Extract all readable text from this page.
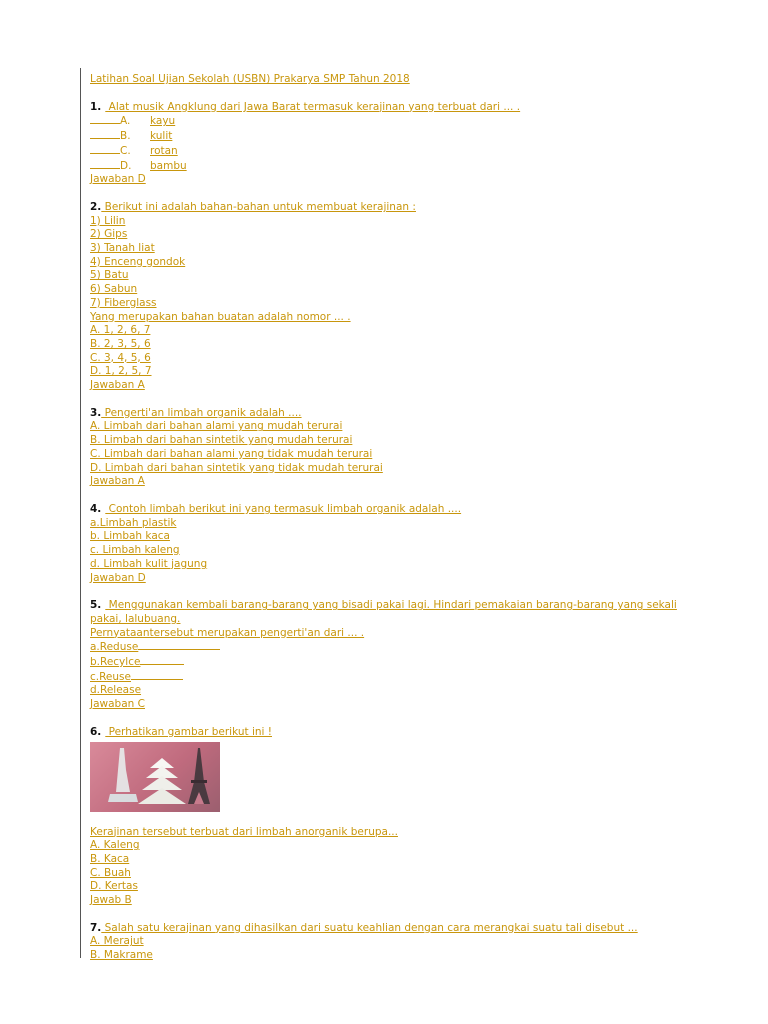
Latihan Soal Ujian Sekolah (USBN) Prakarya SMP Tahun 2018
1. Alat musik Angklung dari Jawa Barat termasuk kerajinan yang terbuat dari ... .
A. kayu
B. kulit
C. rotan
D. bambu
Jawaban D
2. Berikut ini adalah bahan-bahan untuk membuat kerajinan :
1) Lilin
2) Gips
3) Tanah liat
4) Enceng gondok
5) Batu
6) Sabun
7) Fiberglass
Yang merupakan bahan buatan adalah nomor ... .
A. 1, 2, 6, 7
B. 2, 3, 5, 6
C. 3, 4, 5, 6
D. 1, 2, 5, 7
Jawaban A
3. Pengerti'an limbah organik adalah ....
A. Limbah dari bahan alami yang mudah terurai
B. Limbah dari bahan sintetik yang mudah terurai
C. Limbah dari bahan alami yang tidak mudah terurai
D. Limbah dari bahan sintetik yang tidak mudah terurai
Jawaban A
4. Contoh limbah berikut ini yang termasuk limbah organik adalah ....
a.Limbah plastik
b. Limbah kaca
c. Limbah kaleng
d. Limbah kulit jagung
Jawaban D
5. Menggunakan kembali barang-barang yang bisadi pakai lagi. Hindari pemakaian barang-barang yang sekali pakai, lalubuang.
Pernyataantersebut merupakan pengerti'an dari ... .
a.Reduse
b.Recylce
c.Reuse
d.Release
Jawaban C
6. Perhatikan gambar berikut ini !
Kerajinan tersebut terbuat dari limbah anorganik berupa...
A. Kaleng
B. Kaca
C. Buah
D. Kertas
Jawab B
7. Salah satu kerajinan yang dihasilkan dari suatu keahlian dengan cara merangkai suatu tali disebut ...
A. Merajut
B. Makrame
